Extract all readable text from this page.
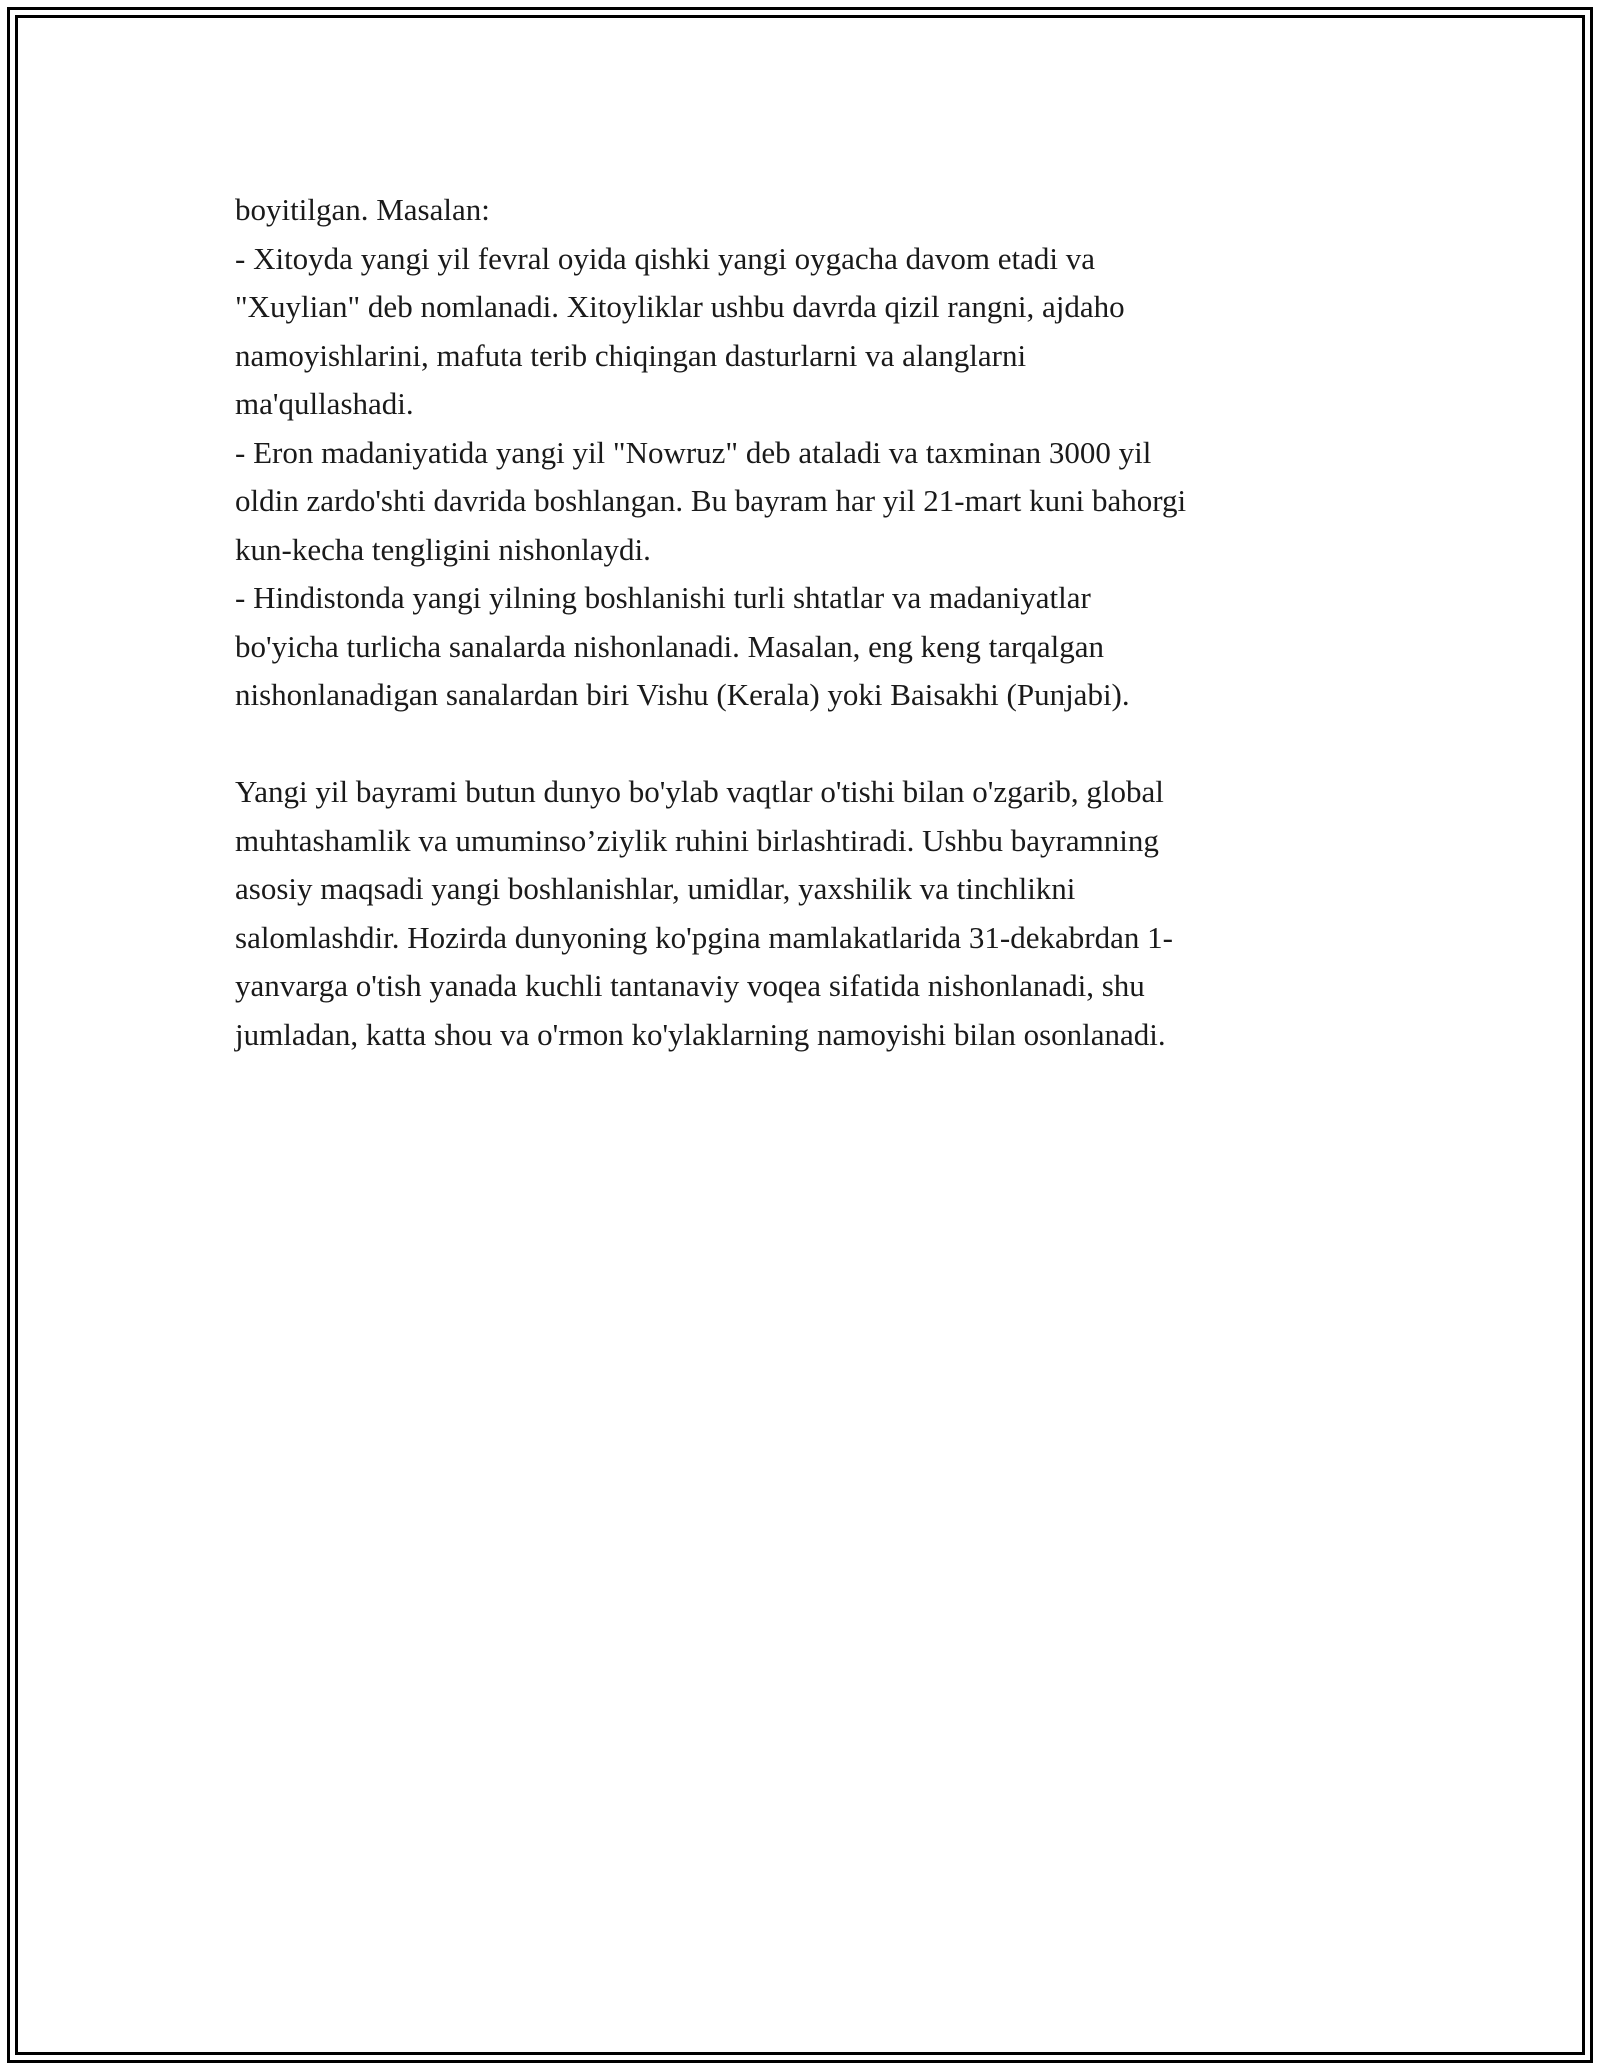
boyitilgan. Masalan:
- Xitoyda yangi yil fevral oyida qishki yangi oygacha davom etadi va
"Xuylian" deb nomlanadi. Xitoyliklar ushbu davrda qizil rangni, ajdaho
namoyishlarini, mafuta terib chiqingan dasturlarni va alanglarni
ma'qullashadi.
- Eron madaniyatida yangi yil "Nowruz" deb ataladi va taxminan 3000 yil
oldin zardo'shti davrida boshlangan. Bu bayram har yil 21-mart kuni bahorgi
kun-kecha tengligini nishonlaydi.
- Hindistonda yangi yilning boshlanishi turli shtatlar va madaniyatlar
bo'yicha turlicha sanalarda nishonlanadi. Masalan, eng keng tarqalgan
nishonlanadigan sanalardan biri Vishu (Kerala) yoki Baisakhi (Punjabi).

Yangi yil bayrami butun dunyo bo'ylab vaqtlar o'tishi bilan o'zgarib, global
muhtashamlik va umuminso’ziylik ruhini birlashtiradi. Ushbu bayramning
asosiy maqsadi yangi boshlanishlar, umidlar, yaxshilik va tinchlikni
salomlashdir. Hozirda dunyoning ko'pgina mamlakatlarida 31-dekabrdan 1-
yanvarga o'tish yanada kuchli tantanaviy voqea sifatida nishonlanadi, shu
jumladan, katta shou va o'rmon ko'ylaklarning namoyishi bilan osonlanadi.
